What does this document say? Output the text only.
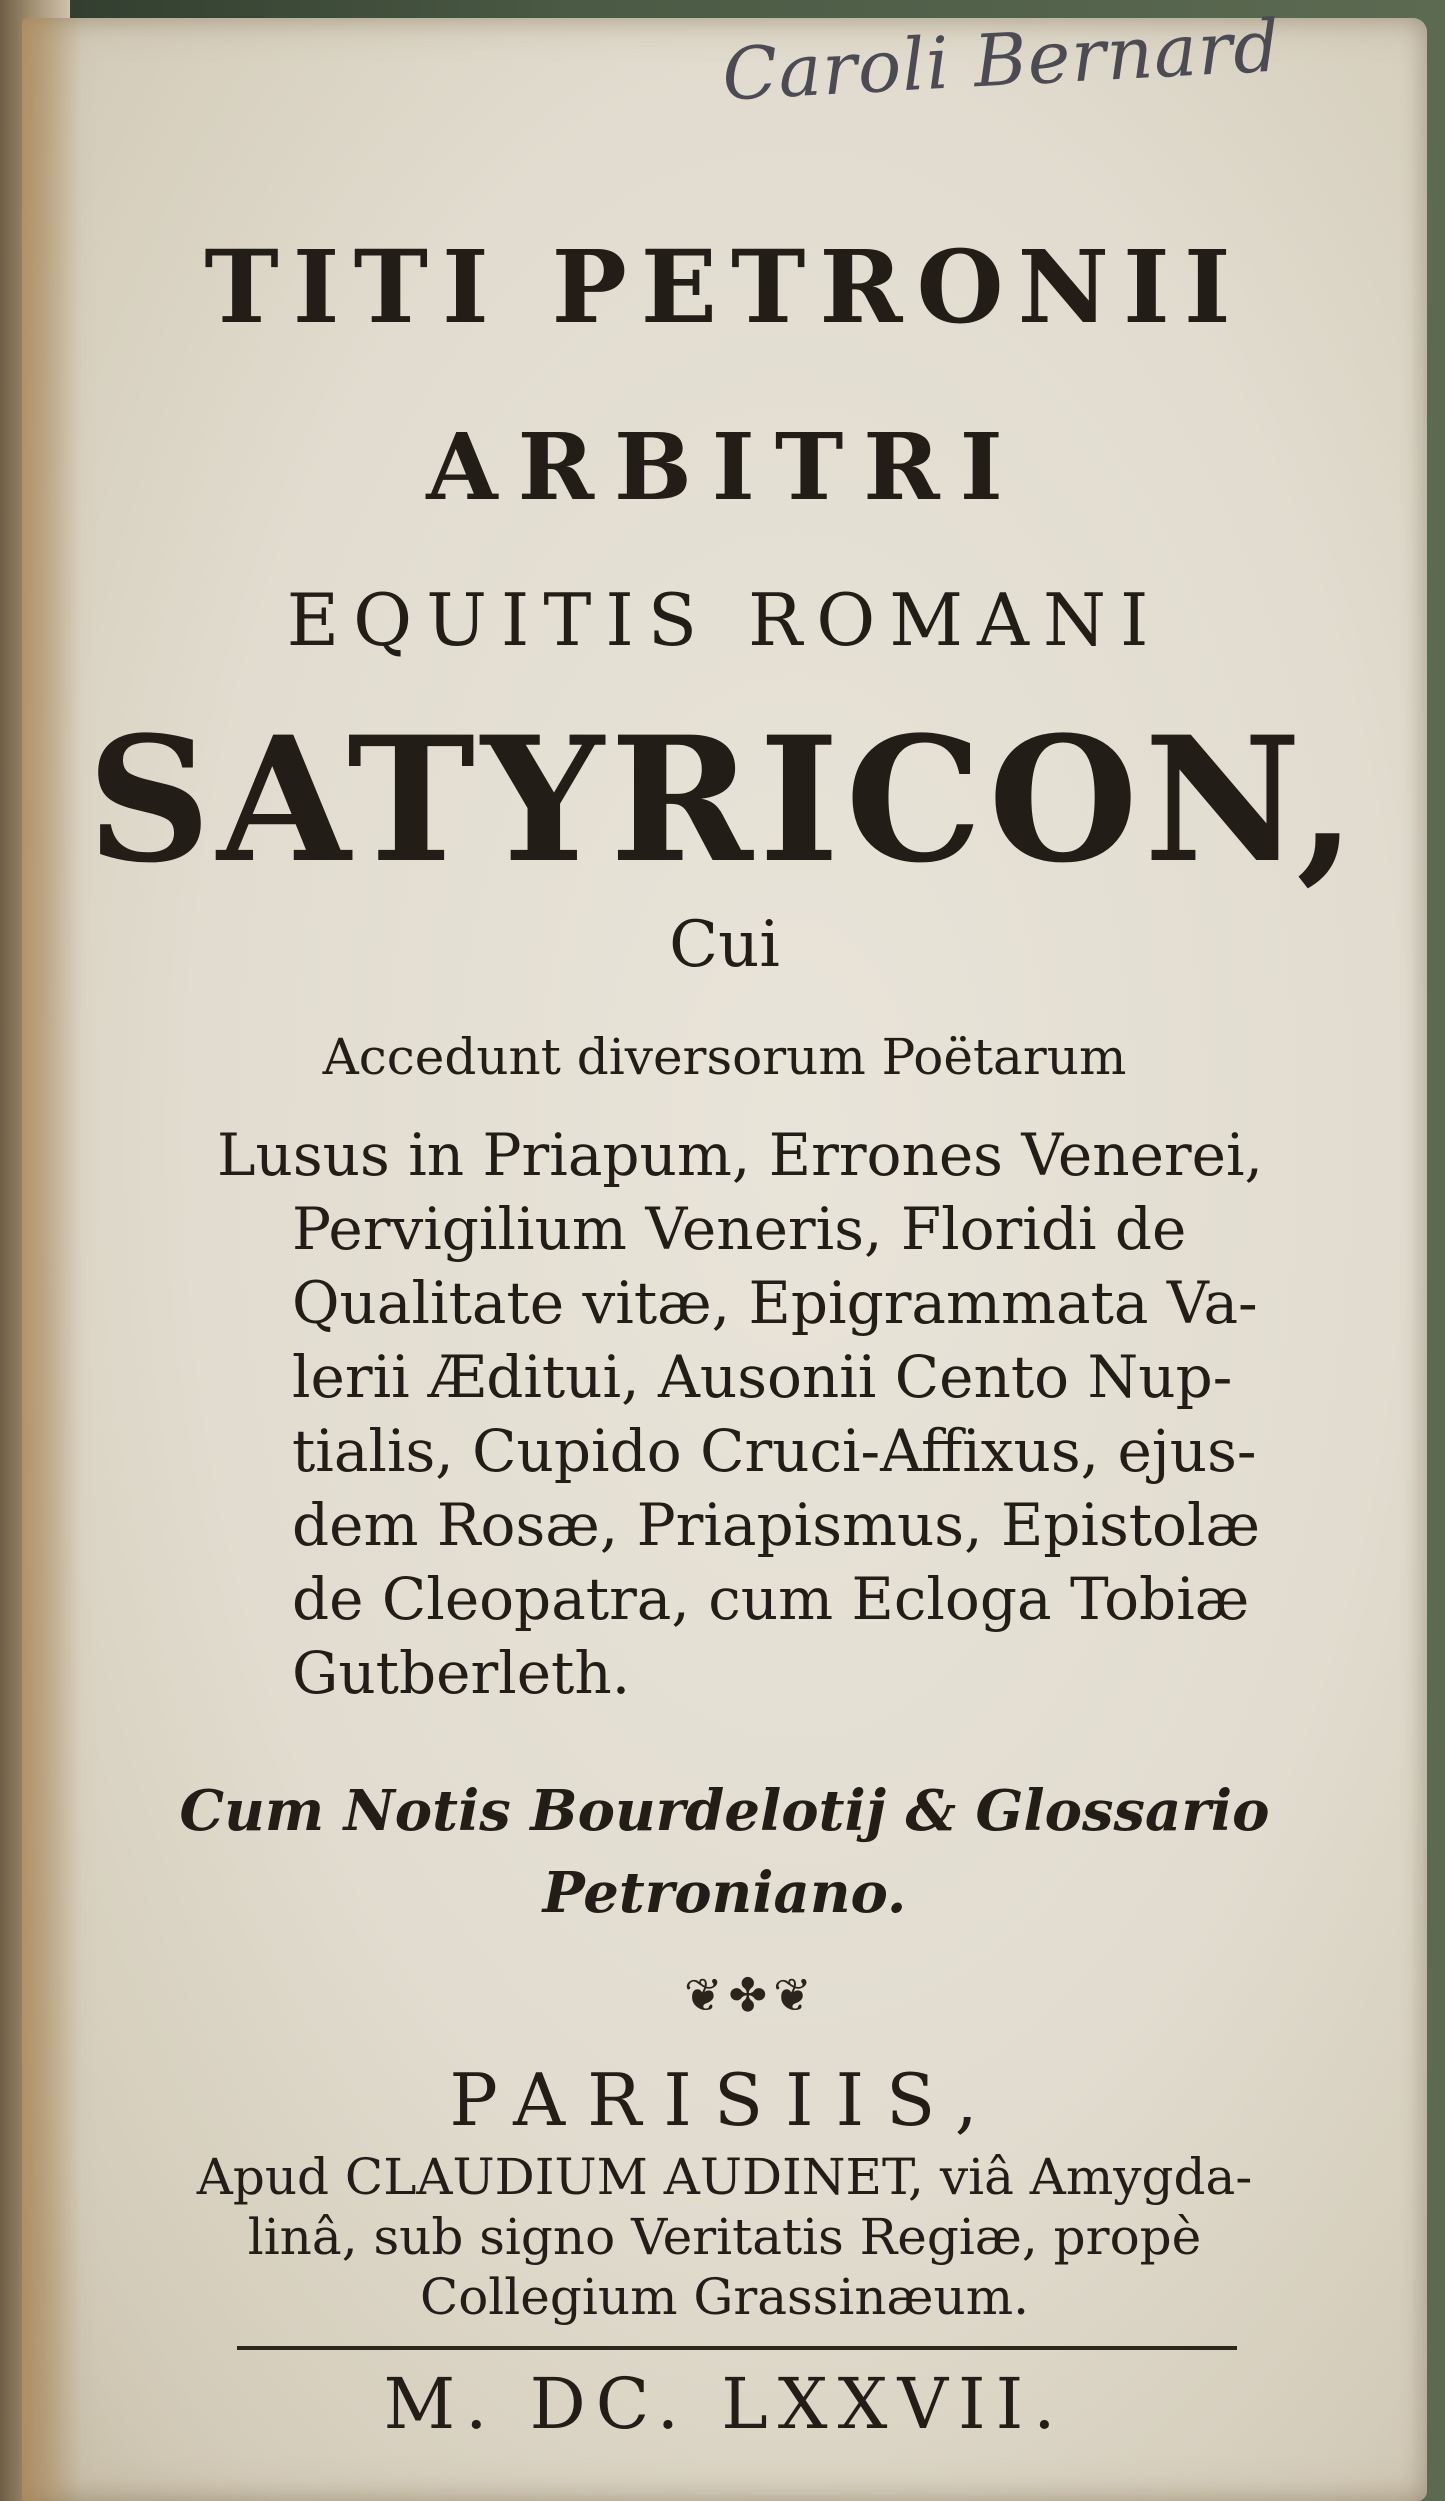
Caroli Bernard
TITI PETRONII
ARBITRI
EQUITIS ROMANI
SATYRICON,
Cui
Accedunt diversorum Poëtarum
Lusus in Priapum, Errones Venerei,
Pervigilium Veneris, Floridi de
Qualitate vitæ, Epigrammata Va-
lerii Æditui, Ausonii Cento Nup-
tialis, Cupido Cruci-Affixus, ejus-
dem Rosæ, Priapismus, Epistolæ
de Cleopatra, cum Ecloga Tobiæ
Gutberleth.
Cum Notis Bourdelotij & Glossario
Petroniano.
❦✤❦
PARISIIS,
Apud CLAUDIUM AUDINET, viâ Amygda-
linâ, sub signo Veritatis Regiæ, propè
Collegium Grassinæum.
M. DC. LXXVII.
